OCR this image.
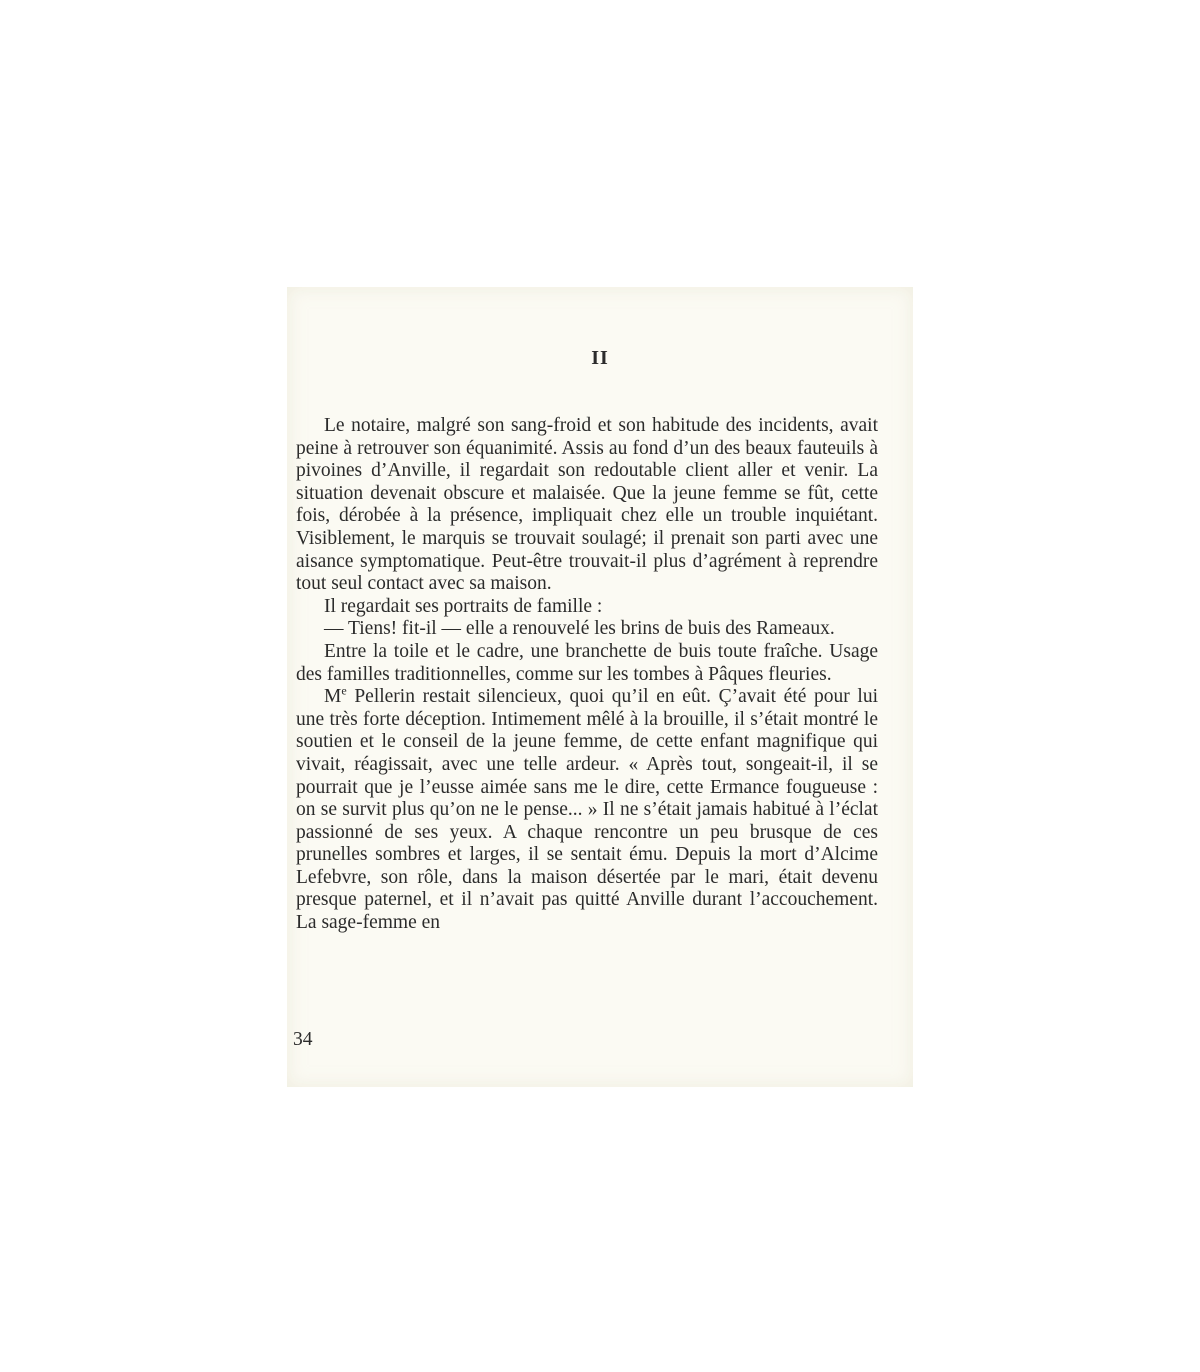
II

Le notaire, malgré son sang-froid et son habitude des incidents, avait peine à retrouver son équanimité. Assis au fond d’un des beaux fauteuils à pivoines d’Anville, il regardait son redoutable client aller et venir. La situation devenait obscure et malaisée. Que la jeune femme se fût, cette fois, dérobée à la présence, impliquait chez elle un trouble inquiétant. Visiblement, le marquis se trouvait soulagé; il prenait son parti avec une aisance symptomatique. Peut-être trouvait-il plus d’agrément à reprendre tout seul contact avec sa maison.

Il regardait ses portraits de famille :

— Tiens! fit-il — elle a renouvelé les brins de buis des Rameaux.

Entre la toile et le cadre, une branchette de buis toute fraîche. Usage des familles traditionnelles, comme sur les tombes à Pâques fleuries.

Me Pellerin restait silencieux, quoi qu’il en eût. Ç’avait été pour lui une très forte déception. Intimement mêlé à la brouille, il s’était montré le soutien et le conseil de la jeune femme, de cette enfant magnifique qui vivait, réagissait, avec une telle ardeur. « Après tout, songeait-il, il se pourrait que je l’eusse aimée sans me le dire, cette Ermance fougueuse : on se survit plus qu’on ne le pense... » Il ne s’était jamais habitué à l’éclat passionné de ses yeux. A chaque rencontre un peu brusque de ces prunelles sombres et larges, il se sentait ému. Depuis la mort d’Alcime Lefebvre, son rôle, dans la maison désertée par le mari, était devenu presque paternel, et il n’avait pas quitté Anville durant l’accouchement. La sage-femme en

34
